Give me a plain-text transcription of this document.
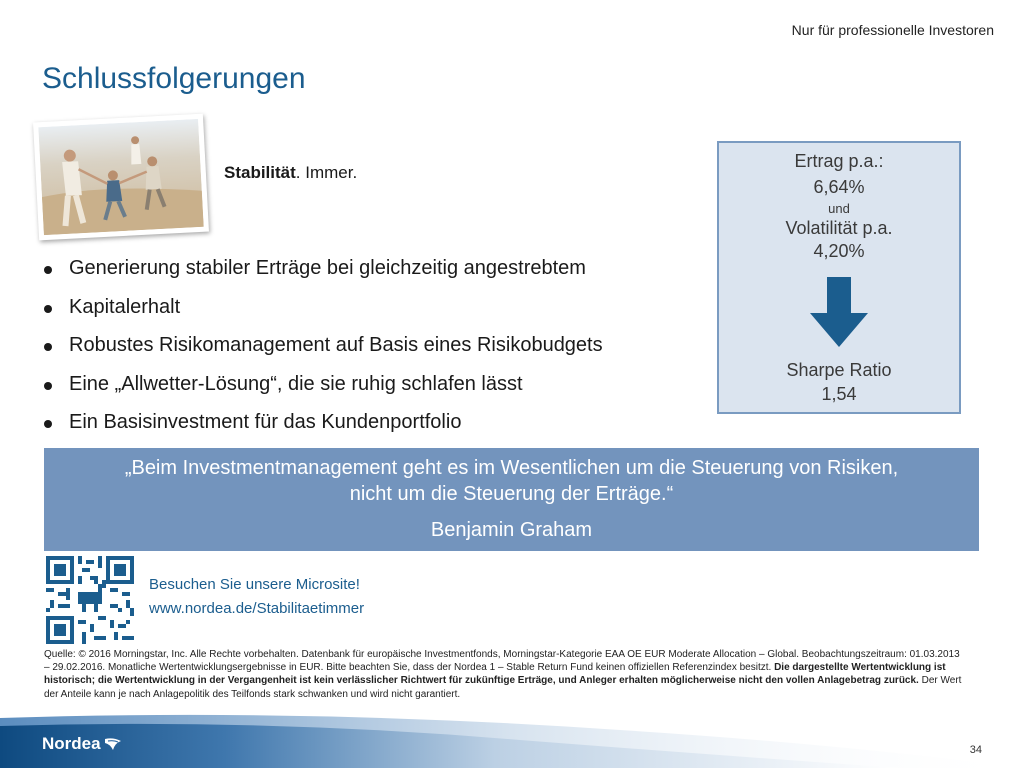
Nur für professionelle Investoren
Schlussfolgerungen
Stabilität. Immer.
Generierung stabiler Erträge bei gleichzeitig angestrebtem
Kapitalerhalt
Robustes Risikomanagement auf Basis eines Risikobudgets
Eine „Allwetter-Lösung“, die sie ruhig schlafen lässt
Ein Basisinvestment für das Kundenportfolio
Ertrag p.a.:
6,64%
und
Volatilität p.a.
4,20%
Sharpe Ratio
1,54
„Beim Investmentmanagement geht es im Wesentlichen um die Steuerung von Risiken,
nicht um die Steuerung der Erträge.“
Benjamin Graham
Besuchen Sie unsere Microsite!
www.nordea.de/Stabilitaetimmer
Quelle: © 2016 Morningstar, Inc. Alle Rechte vorbehalten. Datenbank für europäische Investmentfonds, Morningstar-Kategorie EAA OE EUR Moderate Allocation – Global. Beobachtungszeitraum: 01.03.2013 – 29.02.2016. Monatliche Wertentwicklungsergebnisse in EUR. Bitte beachten Sie, dass der Nordea 1 – Stable Return Fund keinen offiziellen Referenzindex besitzt. Die dargestellte Wertentwicklung ist historisch; die Wertentwicklung in der Vergangenheit ist kein verlässlicher Richtwert für zukünftige Erträge, und Anleger erhalten möglicherweise nicht den vollen Anlagebetrag zurück. Der Wert der Anteile kann je nach Anlagepolitik des Teilfonds stark schwanken und wird nicht garantiert.
Nordea	34
